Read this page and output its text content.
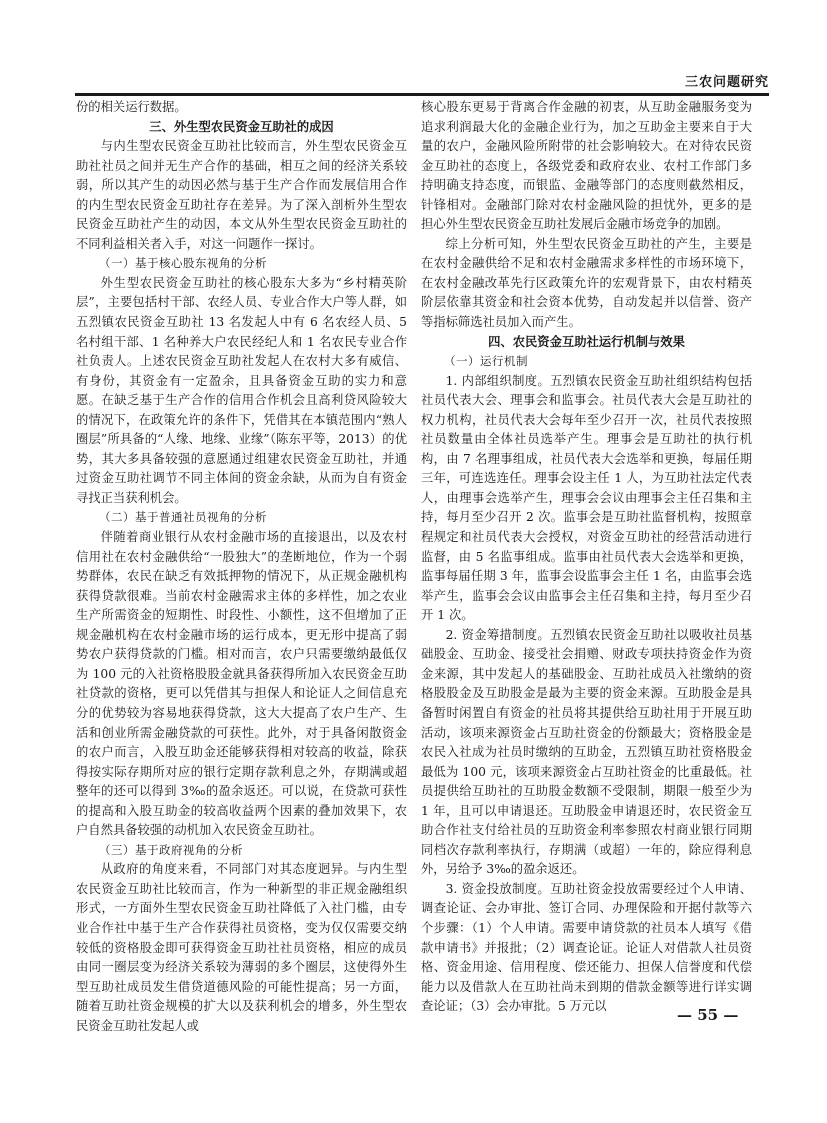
三农问题研究

份的相关运行数据。

三、外生型农民资金互助社的成因

与内生型农民资金互助社比较而言，外生型农民资金互助社社员之间并无生产合作的基础，相互之间的经济关系较弱，所以其产生的动因必然与基于生产合作而发展信用合作的内生型农民资金互助社存在差异。为了深入剖析外生型农民资金互助社产生的动因，本文从外生型农民资金互助社的不同利益相关者入手，对这一问题作一探讨。

（一）基于核心股东视角的分析

外生型农民资金互助社的核心股东大多为“乡村精英阶层”，主要包括村干部、农经人员、专业合作大户等人群，如五烈镇农民资金互助社 13 名发起人中有 6 名农经人员、5 名村组干部、1 名种养大户农民经纪人和 1 名农民专业合作社负责人。上述农民资金互助社发起人在农村大多有威信、有身份，其资金有一定盈余，且具备资金互助的实力和意愿。在缺乏基于生产合作的信用合作机会且高利贷风险较大的情况下，在政策允许的条件下，凭借其在本镇范围内“熟人圈层”所具备的“人缘、地缘、业缘”（陈东平等，2013）的优势，其大多具备较强的意愿通过组建农民资金互助社，并通过资金互助社调节不同主体间的资金余缺，从而为自有资金寻找正当获利机会。

（二）基于普通社员视角的分析

伴随着商业银行从农村金融市场的直接退出，以及农村信用社在农村金融供给“一股独大”的垄断地位，作为一个弱势群体，农民在缺乏有效抵押物的情况下，从正规金融机构获得贷款很难。当前农村金融需求主体的多样性，加之农业生产所需资金的短期性、时段性、小额性，这不但增加了正规金融机构在农村金融市场的运行成本，更无形中提高了弱势农户获得贷款的门槛。相对而言，农户只需要缴纳最低仅为 100 元的入社资格股股金就具备获得所加入农民资金互助社贷款的资格，更可以凭借其与担保人和论证人之间信息充分的优势较为容易地获得贷款，这大大提高了农户生产、生活和创业所需金融贷款的可获性。此外，对于具备闲散资金的农户而言，入股互助金还能够获得相对较高的收益，除获得按实际存期所对应的银行定期存款利息之外，存期满或超整年的还可以得到 3‰的盈余返还。可以说，在贷款可获性的提高和入股互助金的较高收益两个因素的叠加效果下，农户自然具备较强的动机加入农民资金互助社。

（三）基于政府视角的分析

从政府的角度来看，不同部门对其态度迥异。与内生型农民资金互助社比较而言，作为一种新型的非正规金融组织形式，一方面外生型农民资金互助社降低了入社门槛，由专业合作社中基于生产合作获得社员资格，变为仅仅需要交纳较低的资格股金即可获得资金互助社社员资格，相应的成员由同一圈层变为经济关系较为薄弱的多个圈层，这使得外生型互助社成员发生借贷道德风险的可能性提高；另一方面，随着互助社资金规模的扩大以及获利机会的增多，外生型农民资金互助社发起人或

核心股东更易于背离合作金融的初衷，从互助金融服务变为追求利润最大化的金融企业行为，加之互助金主要来自于大量的农户，金融风险所附带的社会影响较大。在对待农民资金互助社的态度上，各级党委和政府农业、农村工作部门多持明确支持态度，而银监、金融等部门的态度则截然相反，针锋相对。金融部门除对农村金融风险的担忧外，更多的是担心外生型农民资金互助社发展后金融市场竞争的加剧。

综上分析可知，外生型农民资金互助社的产生，主要是在农村金融供给不足和农村金融需求多样性的市场环境下，在农村金融改革先行区政策允许的宏观背景下，由农村精英阶层依靠其资金和社会资本优势，自动发起并以信誉、资产等指标筛选社员加入而产生。

四、农民资金互助社运行机制与效果

（一）运行机制

1. 内部组织制度。五烈镇农民资金互助社组织结构包括社员代表大会、理事会和监事会。社员代表大会是互助社的权力机构，社员代表大会每年至少召开一次，社员代表按照社员数量由全体社员选举产生。理事会是互助社的执行机构，由 7 名理事组成，社员代表大会选举和更换，每届任期三年，可连选连任。理事会设主任 1 人，为互助社法定代表人，由理事会选举产生，理事会会议由理事会主任召集和主持，每月至少召开 2 次。监事会是互助社监督机构，按照章程规定和社员代表大会授权，对资金互助社的经营活动进行监督，由 5 名监事组成。监事由社员代表大会选举和更换，监事每届任期 3 年，监事会设监事会主任 1 名，由监事会选举产生，监事会会议由监事会主任召集和主持，每月至少召开 1 次。

2. 资金筹措制度。五烈镇农民资金互助社以吸收社员基础股金、互助金、接受社会捐赠、财政专项扶持资金作为资金来源，其中发起人的基础股金、互助社成员入社缴纳的资格股股金及互助股金是最为主要的资金来源。互助股金是具备暂时闲置自有资金的社员将其提供给互助社用于开展互助活动，该项来源资金占互助社资金的份额最大；资格股金是农民入社成为社员时缴纳的互助金，五烈镇互助社资格股金最低为 100 元，该项来源资金占互助社资金的比重最低。社员提供给互助社的互助股金数额不受限制，期限一般至少为 1 年，且可以申请退还。互助股金申请退还时，农民资金互助合作社支付给社员的互助资金利率参照农村商业银行同期同档次存款利率执行，存期满（或超）一年的，除应得利息外，另给予 3‰的盈余返还。

3. 资金投放制度。互助社资金投放需要经过个人申请、调查论证、会办审批、签订合同、办理保险和开据付款等六个步骤：（1）个人申请。需要申请贷款的社员本人填写《借款申请书》并报批；（2）调查论证。论证人对借款人社员资格、资金用途、信用程度、偿还能力、担保人信誉度和代偿能力以及借款人在互助社尚未到期的借款金额等进行详实调查论证；（3）会办审批。5 万元以	— 55 —
